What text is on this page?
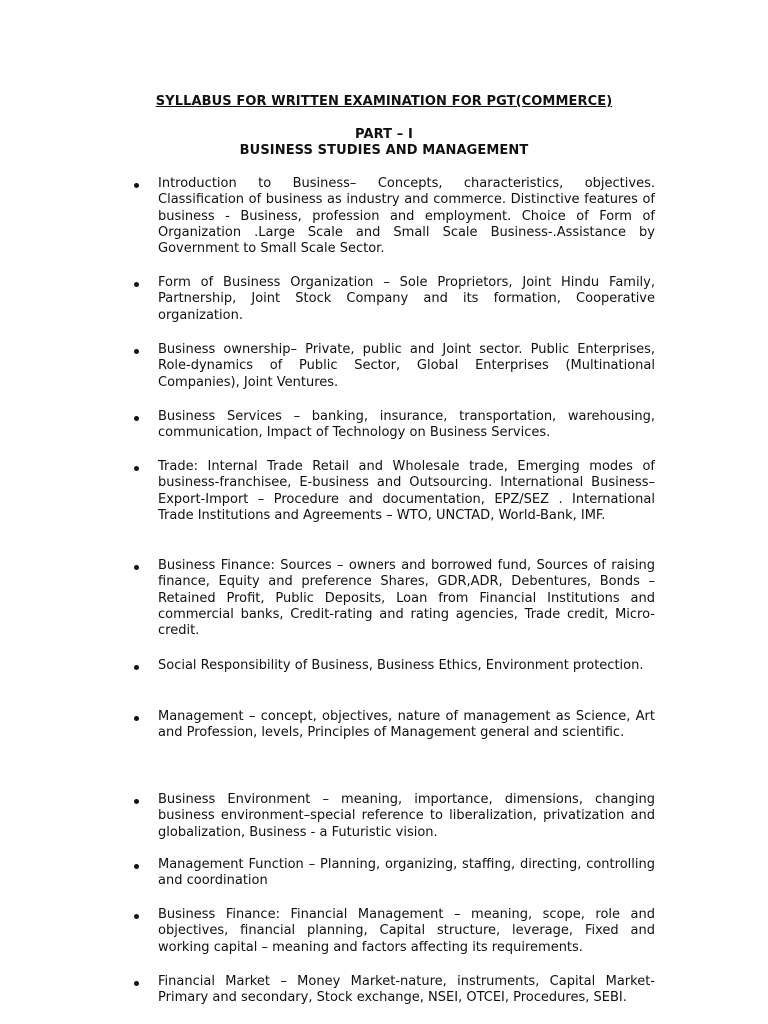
SYLLABUS FOR WRITTEN EXAMINATION FOR PGT(COMMERCE)
PART – I
BUSINESS STUDIES AND MANAGEMENT
Introduction to Business– Concepts, characteristics, objectives. Classification of business as industry and commerce. Distinctive features of business - Business, profession and employment. Choice of Form of Organization .Large Scale and Small Scale Business-.Assistance by Government to Small Scale Sector.
Form of Business Organization – Sole Proprietors, Joint Hindu Family, Partnership, Joint Stock Company and its formation, Cooperative organization.
Business ownership– Private, public and Joint sector. Public Enterprises, Role-dynamics of Public Sector, Global Enterprises (Multinational Companies), Joint Ventures.
Business Services – banking, insurance, transportation, warehousing, communication, Impact of Technology on Business Services.
Trade: Internal Trade Retail and Wholesale trade, Emerging modes of business-franchisee, E-business and Outsourcing. International Business–Export-Import – Procedure and documentation, EPZ/SEZ . International Trade Institutions and Agreements – WTO, UNCTAD, World-Bank, IMF.
Business Finance: Sources – owners and borrowed fund, Sources of raising finance, Equity and preference Shares, GDR,ADR, Debentures, Bonds – Retained Profit, Public Deposits, Loan from Financial Institutions and commercial banks, Credit-rating and rating agencies, Trade credit, Micro-credit.
Social Responsibility of Business, Business Ethics, Environment protection.
Management – concept, objectives, nature of management as Science, Art and Profession, levels, Principles of Management general and scientific.
Business Environment – meaning, importance, dimensions, changing business environment–special reference to liberalization, privatization and globalization, Business - a Futuristic vision.
Management Function – Planning, organizing, staffing, directing, controlling and coordination
Business Finance: Financial Management – meaning, scope, role and objectives, financial planning, Capital structure, leverage, Fixed and working capital – meaning and factors affecting its requirements.
Financial Market – Money Market-nature, instruments, Capital Market-Primary and secondary, Stock exchange, NSEI, OTCEI, Procedures, SEBI.
